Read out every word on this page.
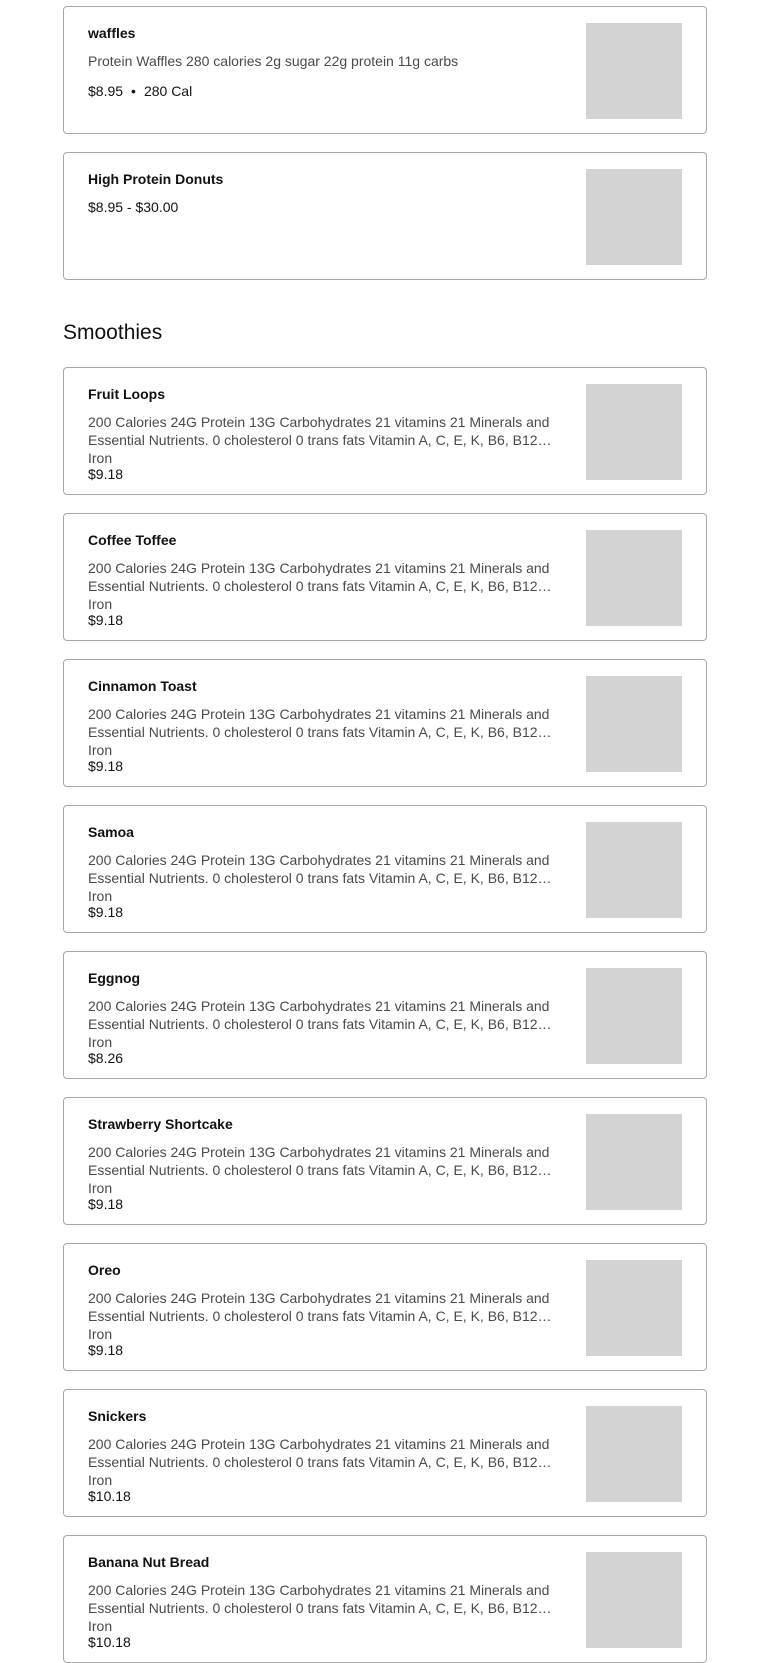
waffles
Protein Waffles 280 calories 2g sugar 22g protein 11g carbs
$8.95 • 280 Cal
High Protein Donuts
$8.95 - $30.00
Smoothies
Fruit Loops
200 Calories 24G Protein 13G Carbohydrates 21 vitamins 21 Minerals and Essential Nutrients. 0 cholesterol 0 trans fats Vitamin A, C, E, K, B6, B12 Iron
$9.18
Coffee Toffee
200 Calories 24G Protein 13G Carbohydrates 21 vitamins 21 Minerals and Essential Nutrients. 0 cholesterol 0 trans fats Vitamin A, C, E, K, B6, B12 Iron
$9.18
Cinnamon Toast
200 Calories 24G Protein 13G Carbohydrates 21 vitamins 21 Minerals and Essential Nutrients. 0 cholesterol 0 trans fats Vitamin A, C, E, K, B6, B12 Iron
$9.18
Samoa
200 Calories 24G Protein 13G Carbohydrates 21 vitamins 21 Minerals and Essential Nutrients. 0 cholesterol 0 trans fats Vitamin A, C, E, K, B6, B12 Iron
$9.18
Eggnog
200 Calories 24G Protein 13G Carbohydrates 21 vitamins 21 Minerals and Essential Nutrients. 0 cholesterol 0 trans fats Vitamin A, C, E, K, B6, B12 Iron
$8.26
Strawberry Shortcake
200 Calories 24G Protein 13G Carbohydrates 21 vitamins 21 Minerals and Essential Nutrients. 0 cholesterol 0 trans fats Vitamin A, C, E, K, B6, B12 Iron
$9.18
Oreo
200 Calories 24G Protein 13G Carbohydrates 21 vitamins 21 Minerals and Essential Nutrients. 0 cholesterol 0 trans fats Vitamin A, C, E, K, B6, B12 Iron
$9.18
Snickers
200 Calories 24G Protein 13G Carbohydrates 21 vitamins 21 Minerals and Essential Nutrients. 0 cholesterol 0 trans fats Vitamin A, C, E, K, B6, B12 Iron
$10.18
Banana Nut Bread
200 Calories 24G Protein 13G Carbohydrates 21 vitamins 21 Minerals and Essential Nutrients. 0 cholesterol 0 trans fats Vitamin A, C, E, K, B6, B12 Iron
$10.18
